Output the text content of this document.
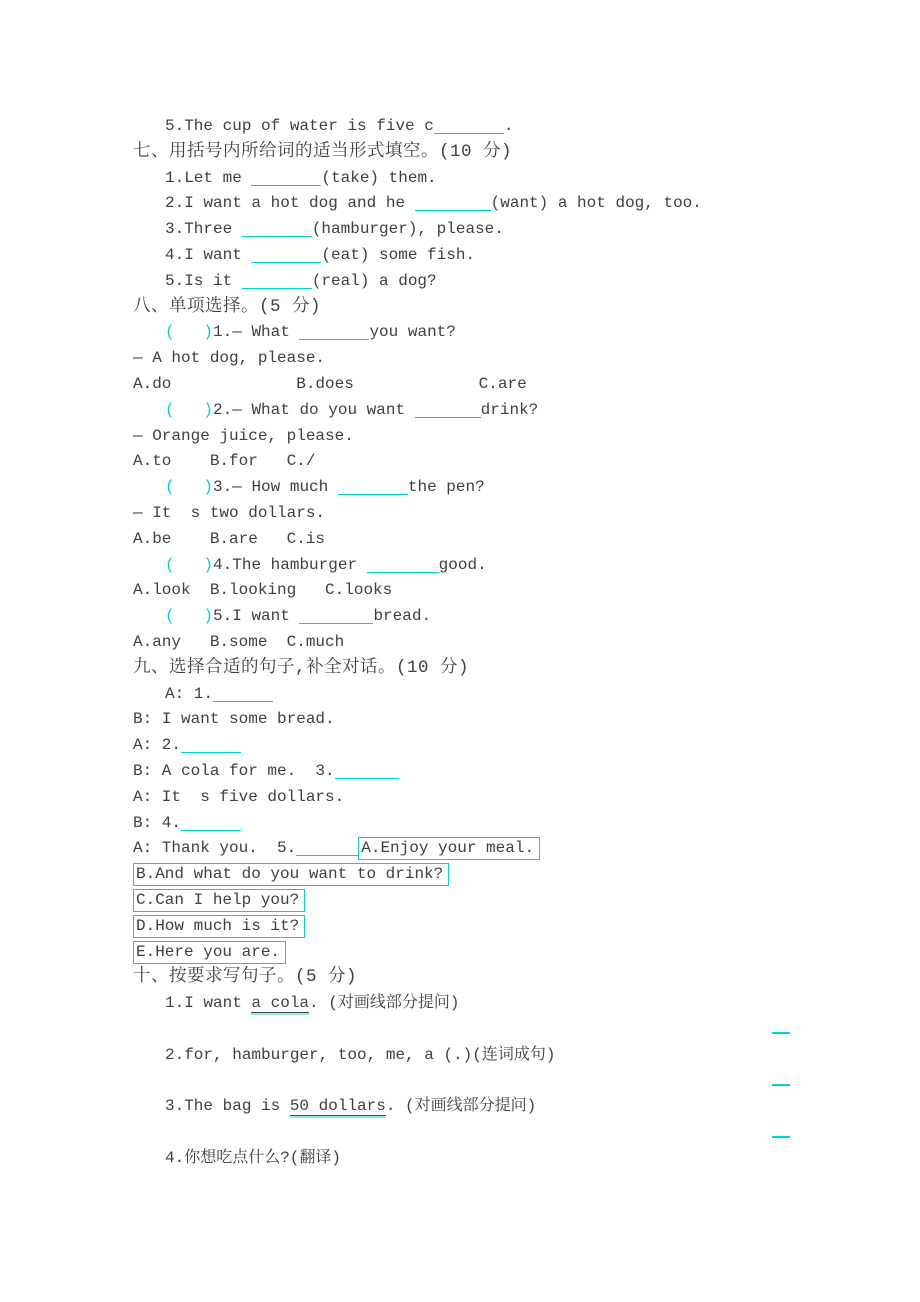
5.The cup of water is five c	.
七、用括号内所给词的适当形式填空。(10 分)
1.Let me	(take) them.
2.I want a hot dog and he	(want) a hot dog, too.
3.Three	(hamburger), please.
4.I want	(eat) some fish.
5.Is it	(real) a dog?
八、单项选择。(5 分)
( )1.— What	you want?
— A hot dog, please.
A.do             B.does             C.are
( )2.— What do you want	drink?
— Orange juice, please.
A.to    B.for   C./
( )3.— How much	the pen?
— It  s two dollars.
A.be    B.are   C.is
( )4.The hamburger	good.
A.look  B.looking   C.looks
( )5.I want	bread.
A.any   B.some  C.much
九、选择合适的句子,补全对话。(10 分)
A: 1.
B: I want some bread.
A: 2.
B: A cola for me.  3.
A: It  s five dollars.
B: 4.
A: Thank you.  5.	A.Enjoy your meal.
B.And what do you want to drink?
C.Can I help you?
D.How much is it?
E.Here you are.
十、按要求写句子。(5 分)
1.I want a cola. (对画线部分提问)
2.for, hamburger, too, me, a (.)(连词成句)
3.The bag is 50 dollars. (对画线部分提问)
4.你想吃点什么?(翻译)
